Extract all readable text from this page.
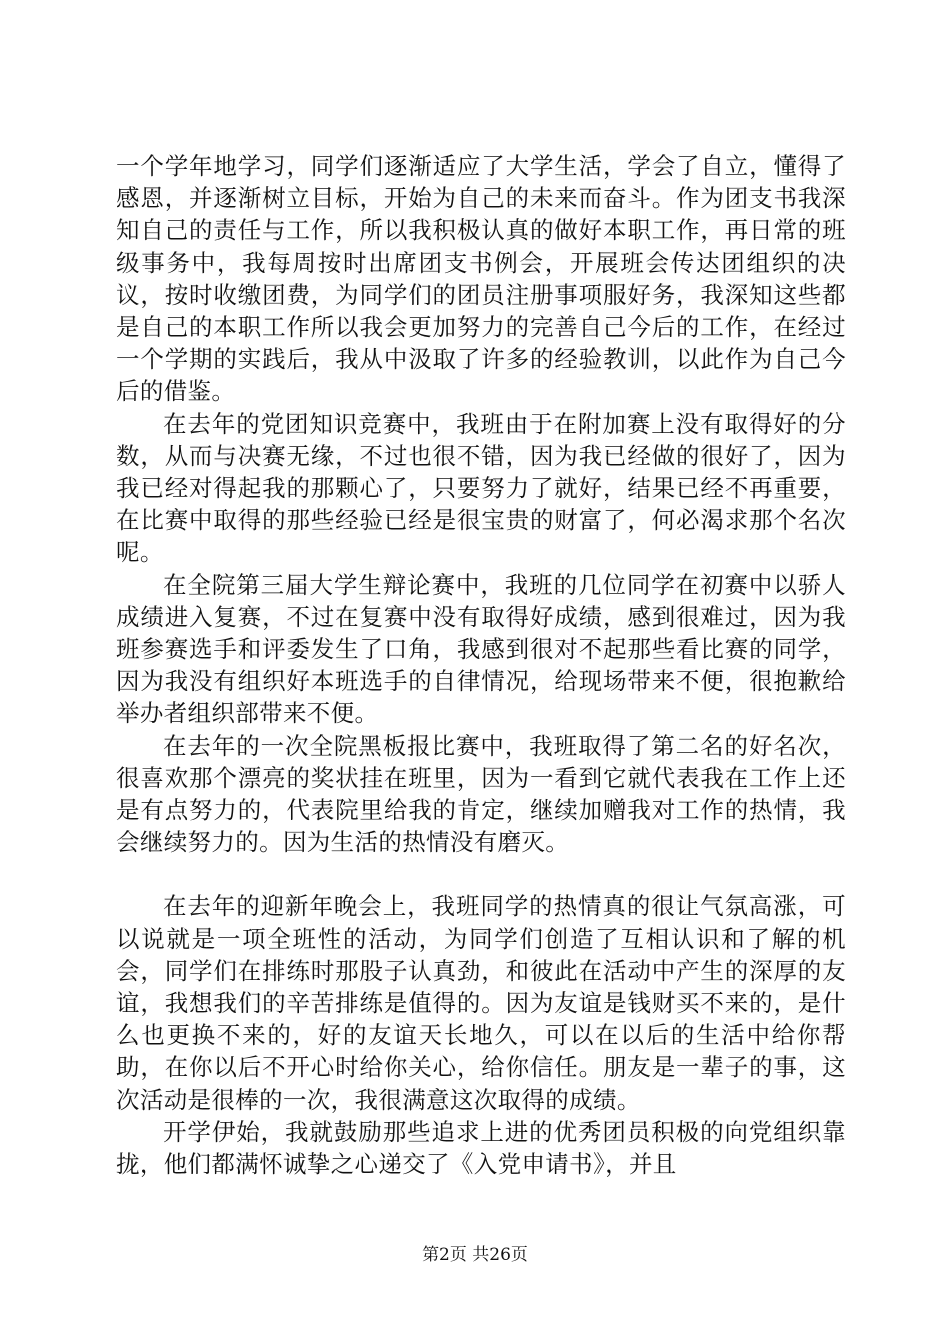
一个学年地学习，同学们逐渐适应了大学生活，学会了自立，懂得了感恩，并逐渐树立目标，开始为自己的未来而奋斗。作为团支书我深知自己的责任与工作，所以我积极认真的做好本职工作，再日常的班级事务中，我每周按时出席团支书例会，开展班会传达团组织的决议，按时收缴团费，为同学们的团员注册事项服好务，我深知这些都是自己的本职工作所以我会更加努力的完善自己今后的工作，在经过一个学期的实践后，我从中汲取了许多的经验教训，以此作为自己今后的借鉴。

在去年的党团知识竞赛中，我班由于在附加赛上没有取得好的分数，从而与决赛无缘，不过也很不错，因为我已经做的很好了，因为我已经对得起我的那颗心了，只要努力了就好，结果已经不再重要，在比赛中取得的那些经验已经是很宝贵的财富了，何必渴求那个名次呢。

在全院第三届大学生辩论赛中，我班的几位同学在初赛中以骄人成绩进入复赛，不过在复赛中没有取得好成绩，感到很难过，因为我班参赛选手和评委发生了口角，我感到很对不起那些看比赛的同学，因为我没有组织好本班选手的自律情况，给现场带来不便，很抱歉给举办者组织部带来不便。

在去年的一次全院黑板报比赛中，我班取得了第二名的好名次，很喜欢那个漂亮的奖状挂在班里，因为一看到它就代表我在工作上还是有点努力的，代表院里给我的肯定，继续加赠我对工作的热情，我会继续努力的。因为生活的热情没有磨灭。

在去年的迎新年晚会上，我班同学的热情真的很让气氛高涨，可以说就是一项全班性的活动，为同学们创造了互相认识和了解的机会，同学们在排练时那股子认真劲，和彼此在活动中产生的深厚的友谊，我想我们的辛苦排练是值得的。因为友谊是钱财买不来的，是什么也更换不来的，好的友谊天长地久，可以在以后的生活中给你帮助，在你以后不开心时给你关心，给你信任。朋友是一辈子的事，这次活动是很棒的一次，我很满意这次取得的成绩。

开学伊始，我就鼓励那些追求上进的优秀团员积极的向党组织靠拢，他们都满怀诚挚之心递交了《入党申请书》，并且

第2页 共26页
